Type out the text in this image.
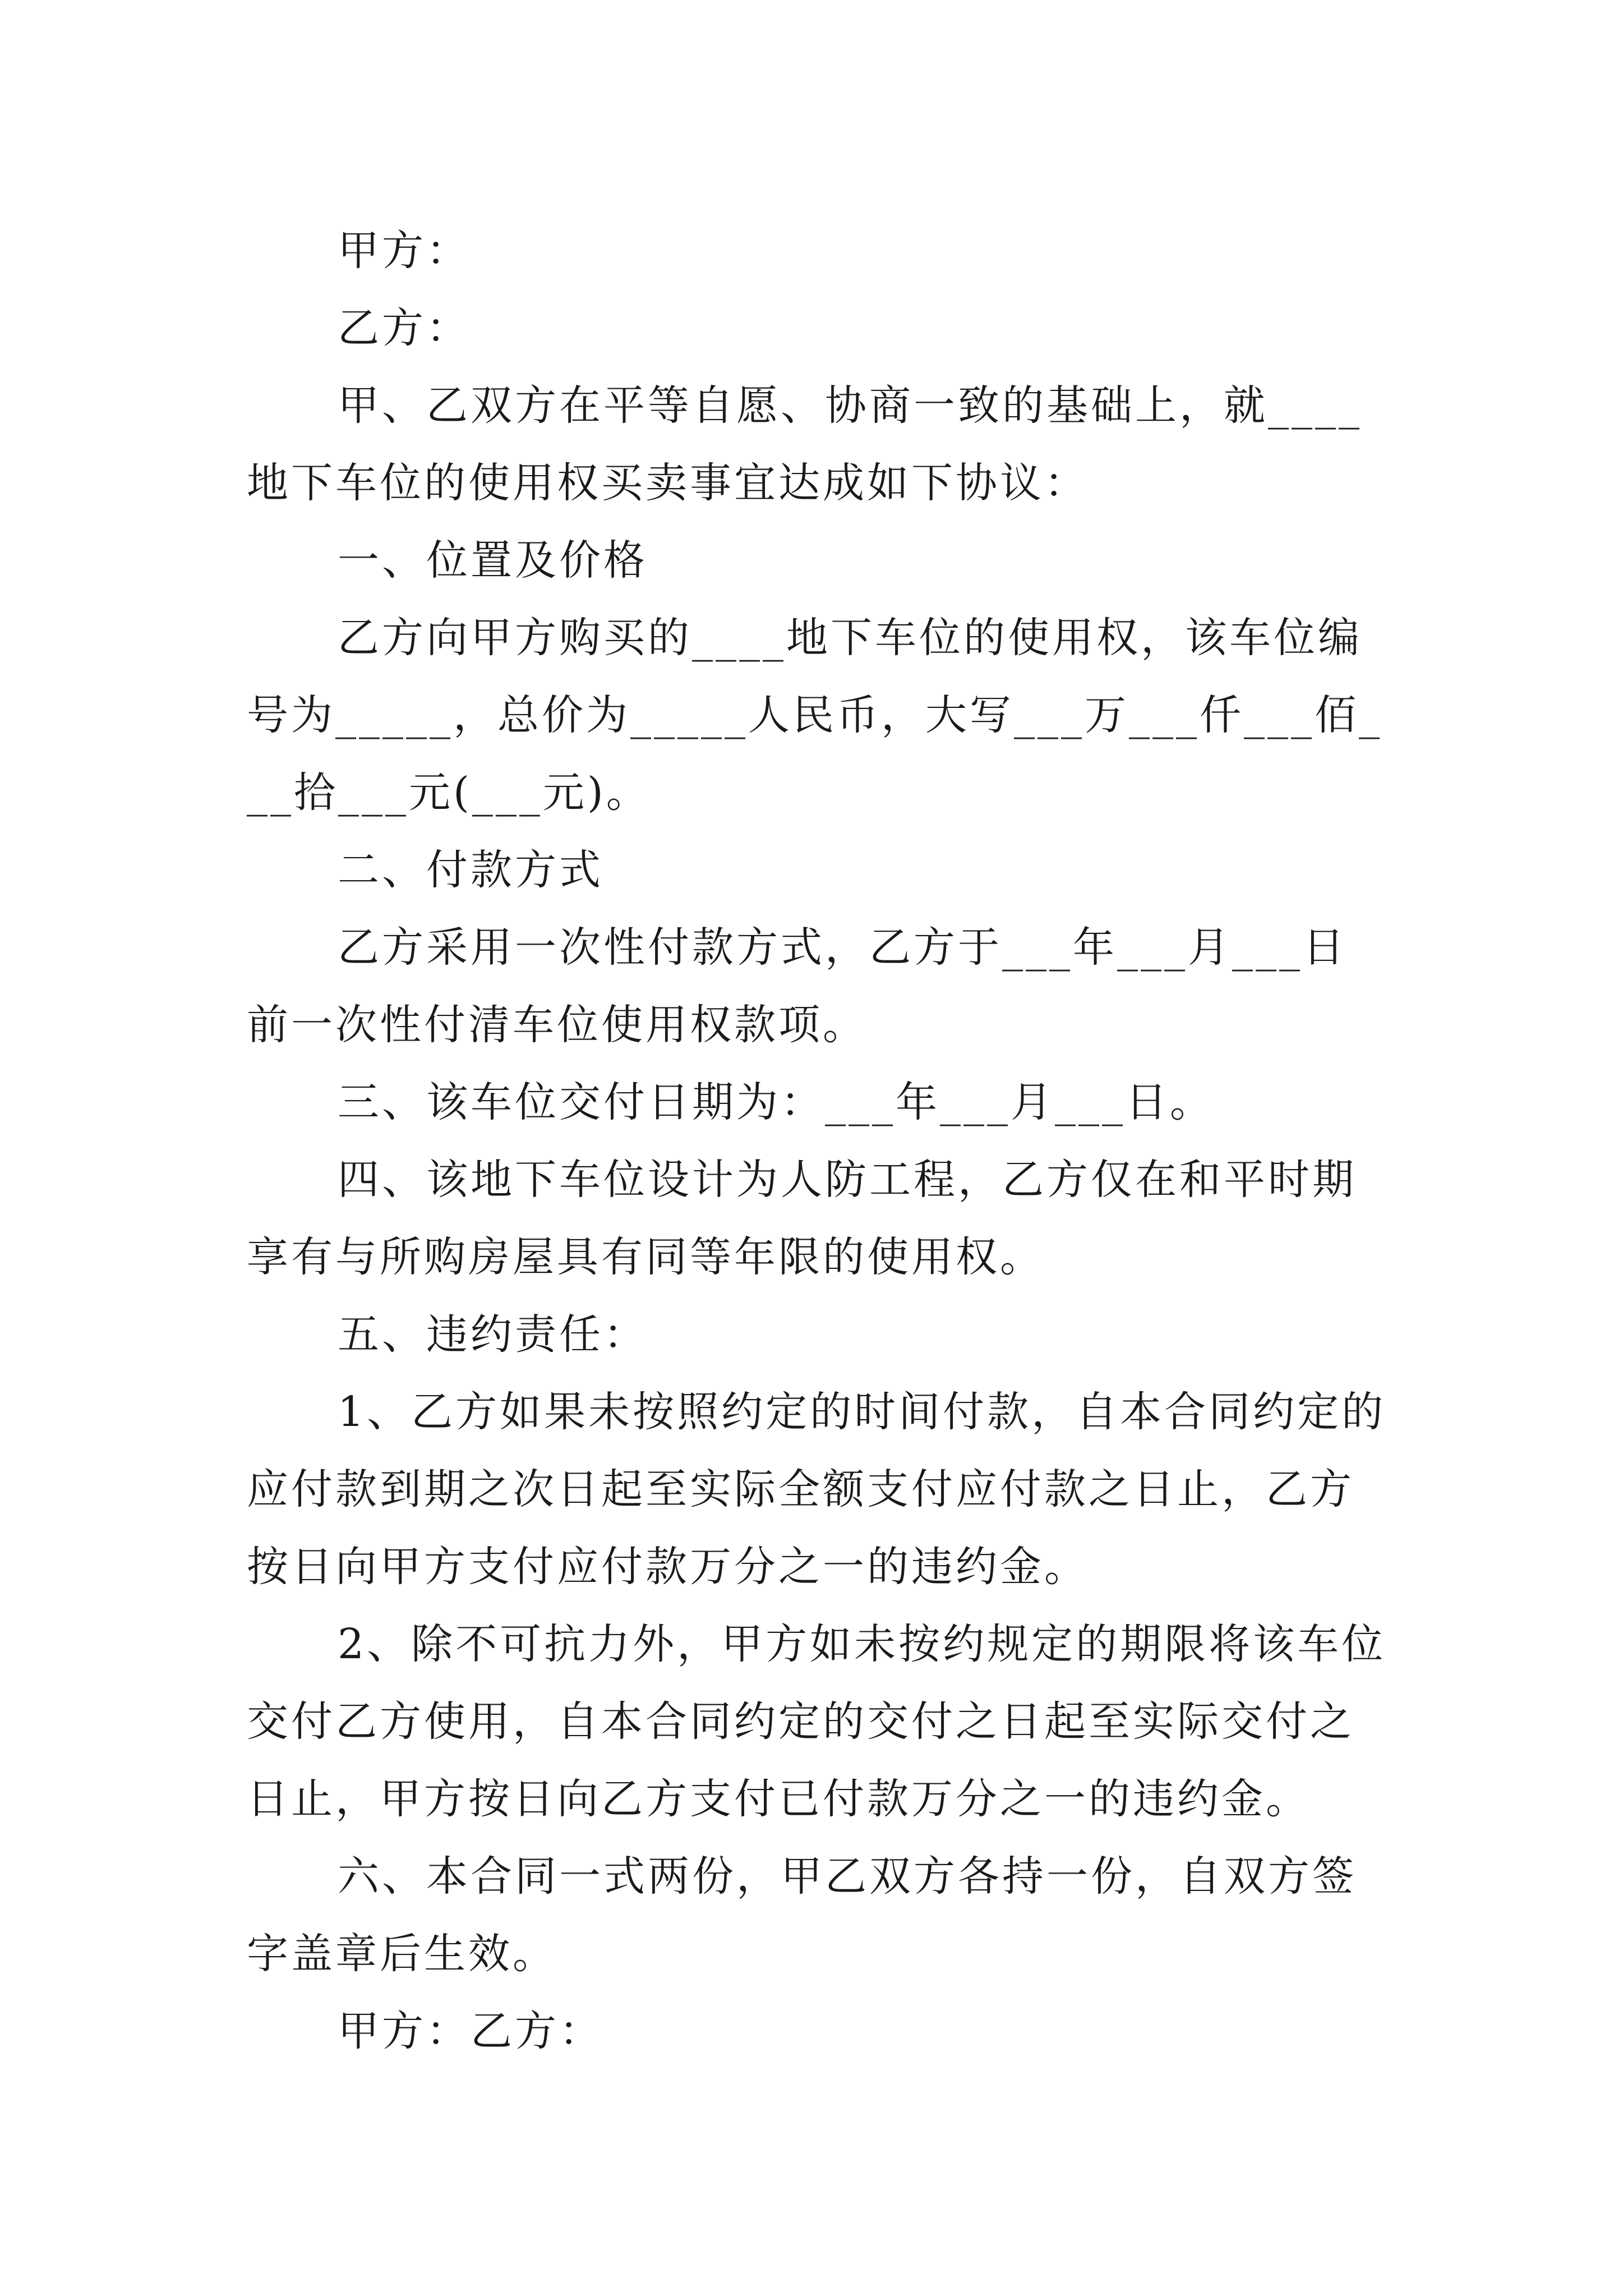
甲方：

乙方：

甲、乙双方在平等自愿、协商一致的基础上，就____地下车位的使用权买卖事宜达成如下协议：

一、位置及价格

乙方向甲方购买的____地下车位的使用权，该车位编号为_____，总价为_____人民币，大写___万___仟___佰___拾___元(___元)。

二、付款方式

乙方采用一次性付款方式，乙方于___年___月___日前一次性付清车位使用权款项。

三、该车位交付日期为：___年___月___日。

四、该地下车位设计为人防工程，乙方仅在和平时期享有与所购房屋具有同等年限的使用权。

五、违约责任：

1、乙方如果未按照约定的时间付款，自本合同约定的应付款到期之次日起至实际全额支付应付款之日止，乙方按日向甲方支付应付款万分之一的违约金。

2、除不可抗力外，甲方如未按约规定的期限将该车位交付乙方使用，自本合同约定的交付之日起至实际交付之日止，甲方按日向乙方支付已付款万分之一的违约金。

六、本合同一式两份，甲乙双方各持一份，自双方签字盖章后生效。

甲方：乙方：
